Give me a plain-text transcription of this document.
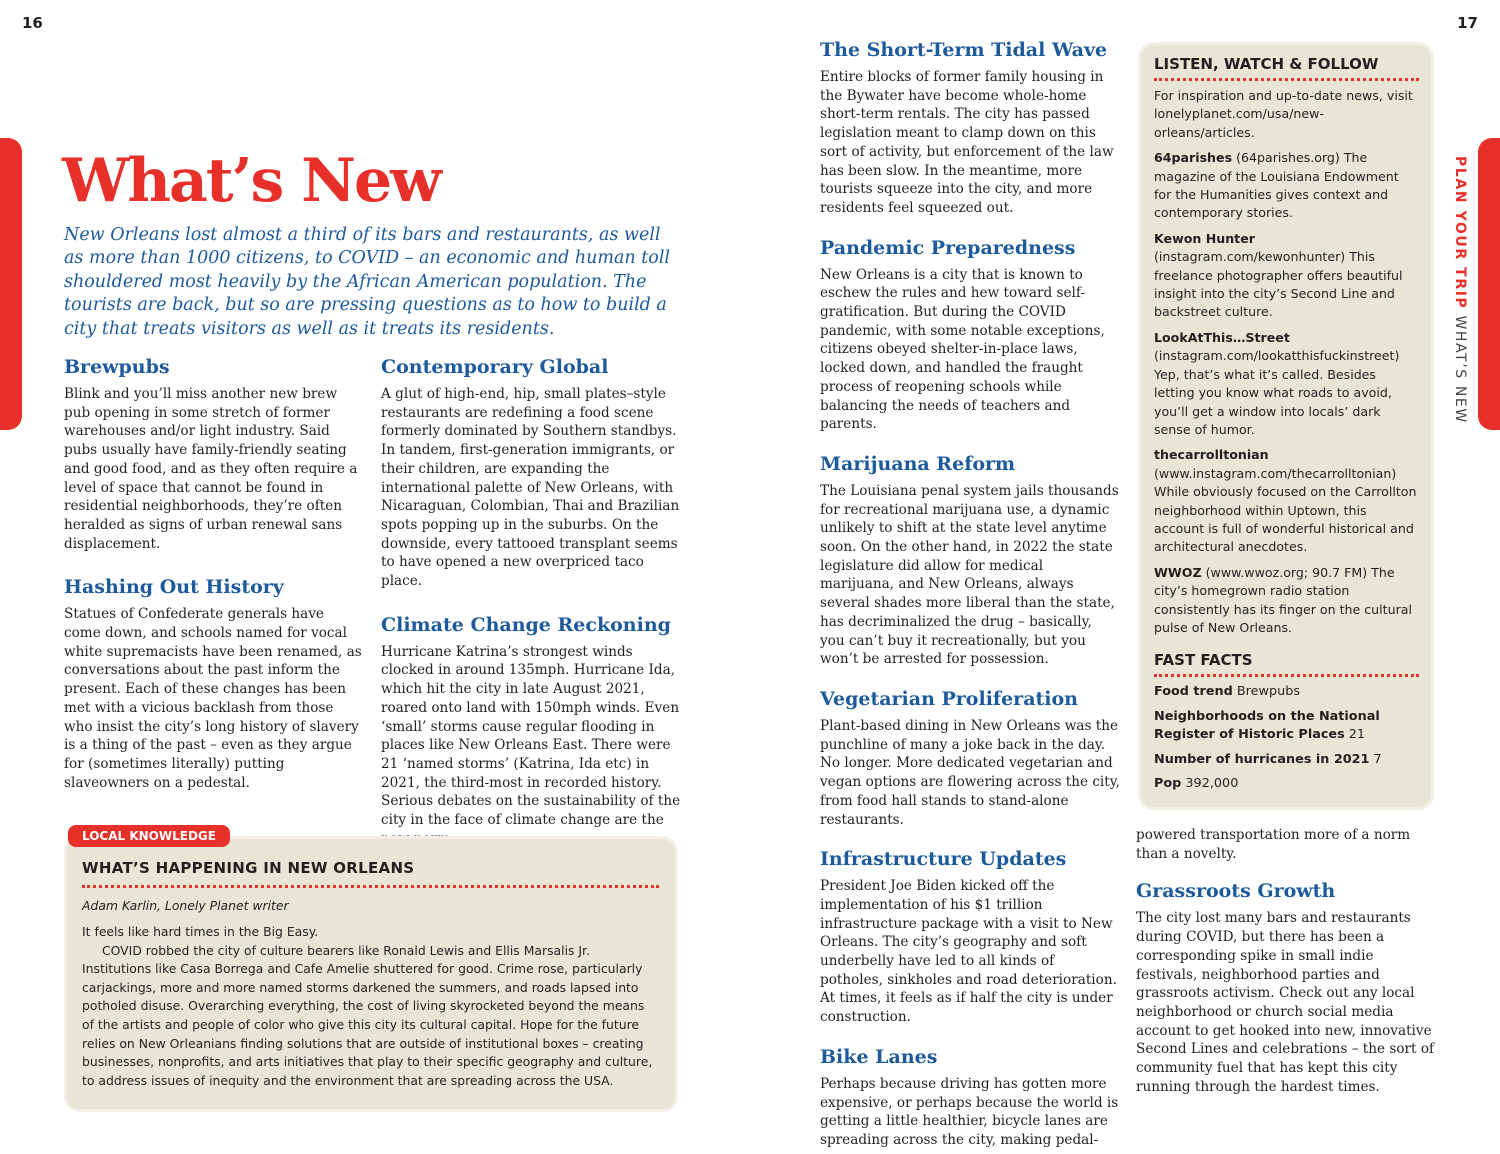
16	17
PLAN YOUR TRIP WHAT’S NEW
What’s New

New Orleans lost almost a third of its bars and restaurants, as well as more than 1000 citizens, to COVID – an economic and human toll shouldered most heavily by the African American population. The tourists are back, but so are pressing questions as to how to build a city that treats visitors as well as it treats its residents.

Brewpubs

Blink and you’ll miss another new brew pub opening in some stretch of former warehouses and/or light industry. Said pubs usually have family-friendly seating and good food, and as they often require a level of space that cannot be found in residential neighborhoods, they’re often heralded as signs of urban renewal sans displacement.

Hashing Out History

Statues of Confederate generals have come down, and schools named for vocal white supremacists have been renamed, as conversations about the past inform the present. Each of these changes has been met with a vicious backlash from those who insist the city’s long history of slavery is a thing of the past – even as they argue for (sometimes literally) putting slaveowners on a pedestal.

Contemporary Global

A glut of high-end, hip, small plates–style restaurants are redefining a food scene formerly dominated by Southern standbys. In tandem, first-generation immigrants, or their children, are expanding the international palette of New Orleans, with Nicaraguan, Colombian, Thai and Brazilian spots popping up in the suburbs. On the downside, every tattooed transplant seems to have opened a new overpriced taco place.

Climate Change Reckoning

Hurricane Katrina’s strongest winds clocked in around 135mph. Hurricane Ida, which hit the city in late August 2021, roared onto land with 150mph winds. Even ‘small’ storms cause regular flooding in places like New Orleans East. There were 21 ‘named storms’ (Katrina, Ida etc) in 2021, the third-most in recorded history. Serious debates on the sustainability of the city in the face of climate change are the

WHAT’S HAPPENING IN NEW ORLEANS
Adam Karlin, Lonely Planet writer

It feels like hard times in the Big Easy.

COVID robbed the city of culture bearers like Ronald Lewis and Ellis Marsalis Jr. Institutions like Casa Borrega and Cafe Amelie shuttered for good. Crime rose, particularly carjackings, more and more named storms darkened the summers, and roads lapsed into potholed disuse. Overarching everything, the cost of living skyrocketed beyond the means of the artists and people of color who give this city its cultural capital. Hope for the future relies on New Orleanians finding solutions that are outside of institutional boxes – creating businesses, nonprofits, and arts initiatives that play to their specific geography and culture, to address issues of inequity and the environment that are spreading across the USA.

LOCAL KNOWLEDGE
The Short-Term Tidal Wave

Entire blocks of former family housing in the Bywater have become whole-home short-term rentals. The city has passed legislation meant to clamp down on this sort of activity, but enforcement of the law has been slow. In the meantime, more tourists squeeze into the city, and more residents feel squeezed out.

Pandemic Preparedness

New Orleans is a city that is known to eschew the rules and hew toward self-gratification. But during the COVID pandemic, with some notable exceptions, citizens obeyed shelter-in-place laws, locked down, and handled the fraught process of reopening schools while balancing the needs of teachers and parents.

Marijuana Reform

The Louisiana penal system jails thousands for recreational marijuana use, a dynamic unlikely to shift at the state level anytime soon. On the other hand, in 2022 the state legislature did allow for medical marijuana, and New Orleans, always several shades more liberal than the state, has decriminalized the drug – basically, you can’t buy it recreationally, but you won’t be arrested for possession.

Vegetarian Proliferation

Plant-based dining in New Orleans was the punchline of many a joke back in the day. No longer. More dedicated vegetarian and vegan options are flowering across the city, from food hall stands to stand-alone restaurants.

Infrastructure Updates

President Joe Biden kicked off the implementation of his $1 trillion infrastructure package with a visit to New Orleans. The city’s geography and soft underbelly have led to all kinds of potholes, sinkholes and road deterioration. At times, it feels as if half the city is under construction.

Bike Lanes

Perhaps because driving has gotten more expensive, or perhaps because the world is getting a little healthier, bicycle lanes are spreading across the city, making pedal-

LISTEN, WATCH & FOLLOW

For inspiration and up-to-date news, visit lonelyplanet.com/usa/new-orleans/articles.

64parishes (64parishes.org) The magazine of the Louisiana Endowment for the Humanities gives context and contemporary stories.

Kewon Hunter (instagram.com/kewonhunter) This freelance photographer offers beautiful insight into the city’s Second Line and backstreet culture.

LookAtThis…Street (instagram.com/lookatthisfuckinstreet) Yep, that’s what it’s called. Besides letting you know what roads to avoid, you’ll get a window into locals’ dark sense of humor.

thecarrolltonian (www.instagram.com/thecarrolltonian) While obviously focused on the Carrollton neighborhood within Uptown, this account is full of wonderful historical and architectural anecdotes.

WWOZ (www.wwoz.org; 90.7 FM) The city’s homegrown radio station consistently has its finger on the cultural pulse of New Orleans.

FAST FACTS
Food trend Brewpubs
Neighborhoods on the National Register of Historic Places 21
Number of hurricanes in 2021 7
Pop 392,000

powered transportation more of a norm than a novelty.

Grassroots Growth

The city lost many bars and restaurants during COVID, but there has been a corresponding spike in small indie festivals, neighborhood parties and grassroots activism. Check out any local neighborhood or church social media account to get hooked into new, innovative Second Lines and celebrations – the sort of community fuel that has kept this city running through the hardest times.
